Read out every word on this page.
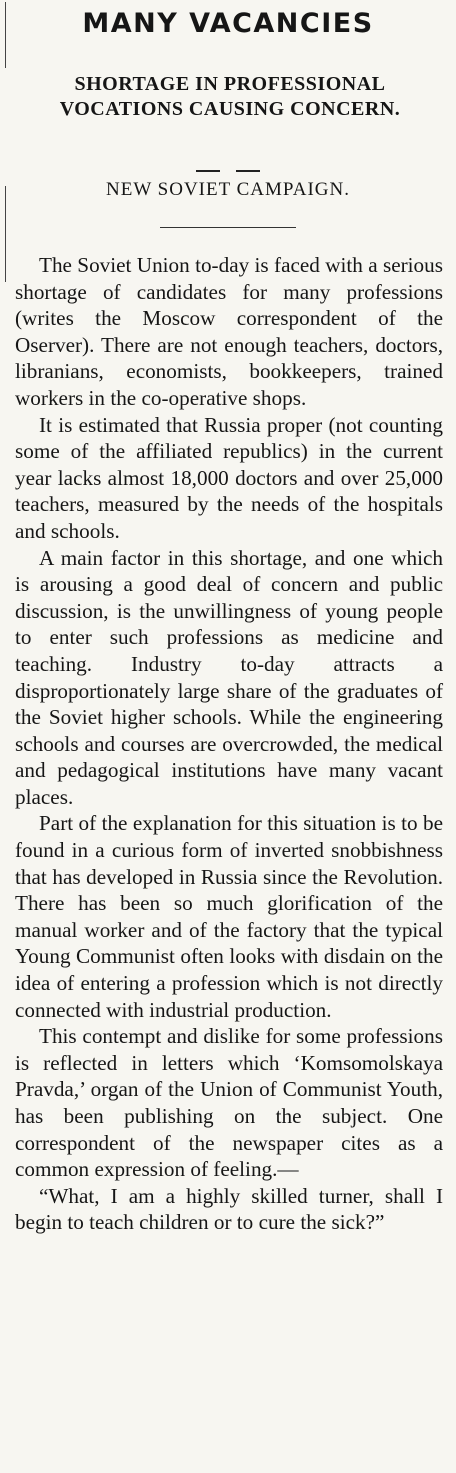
MANY VACANCIES
SHORTAGE IN PROFESSIONAL VOCATIONS CAUSING CONCERN.
NEW SOVIET CAMPAIGN.

The Soviet Union to-day is faced with a serious shortage of candidates for many professions (writes the Moscow correspondent of the Oserver). There are not enough teachers, doctors, libranians, economists, bookkeepers, trained workers in the co-operative shops.

It is estimated that Russia proper (not counting some of the affiliated republics) in the current year lacks almost 18,000 doctors and over 25,000 teachers, measured by the needs of the hospitals and schools.

A main factor in this shortage, and one which is arousing a good deal of concern and public discussion, is the unwillingness of young people to enter such professions as medicine and teaching. Industry to-day attracts a disproportionately large share of the graduates of the Soviet higher schools. While the engineering schools and courses are overcrowded, the medical and pedagogical institutions have many vacant places.

Part of the explanation for this situation is to be found in a curious form of inverted snobbishness that has developed in Russia since the Revolution. There has been so much glorification of the manual worker and of the factory that the typical Young Communist often looks with disdain on the idea of entering a profession which is not directly connected with industrial production.

This contempt and dislike for some professions is reflected in letters which ‘Komsomolskaya Pravda,’ organ of the Union of Communist Youth, has been publishing on the subject. One correspondent of the newspaper cites as a common expression of feeling.—

“What, I am a highly skilled turner, shall I begin to teach children or to cure the sick?”
